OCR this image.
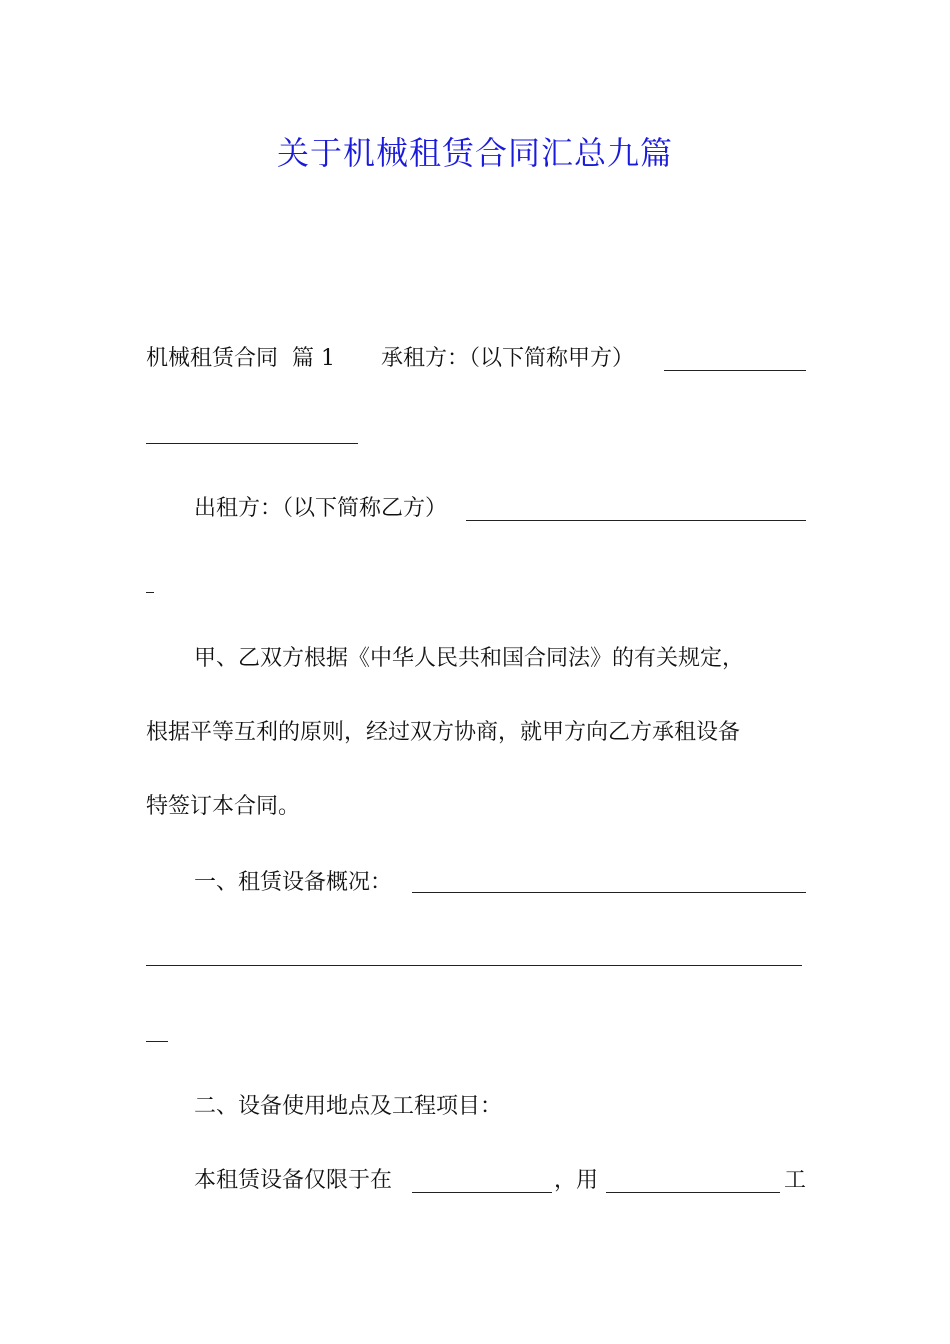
关于机械租赁合同汇总九篇
机械租赁合同 篇 1 承租方：（以下简称甲方）
出租方：（以下简称乙方）
甲、乙双方根据《中华人民共和国合同法》的有关规定，
根据平等互利的原则，经过双方协商，就甲方向乙方承租设备
特签订本合同。
一、租赁设备概况：
二、设备使用地点及工程项目：
本租赁设备仅限于在	，用	工
